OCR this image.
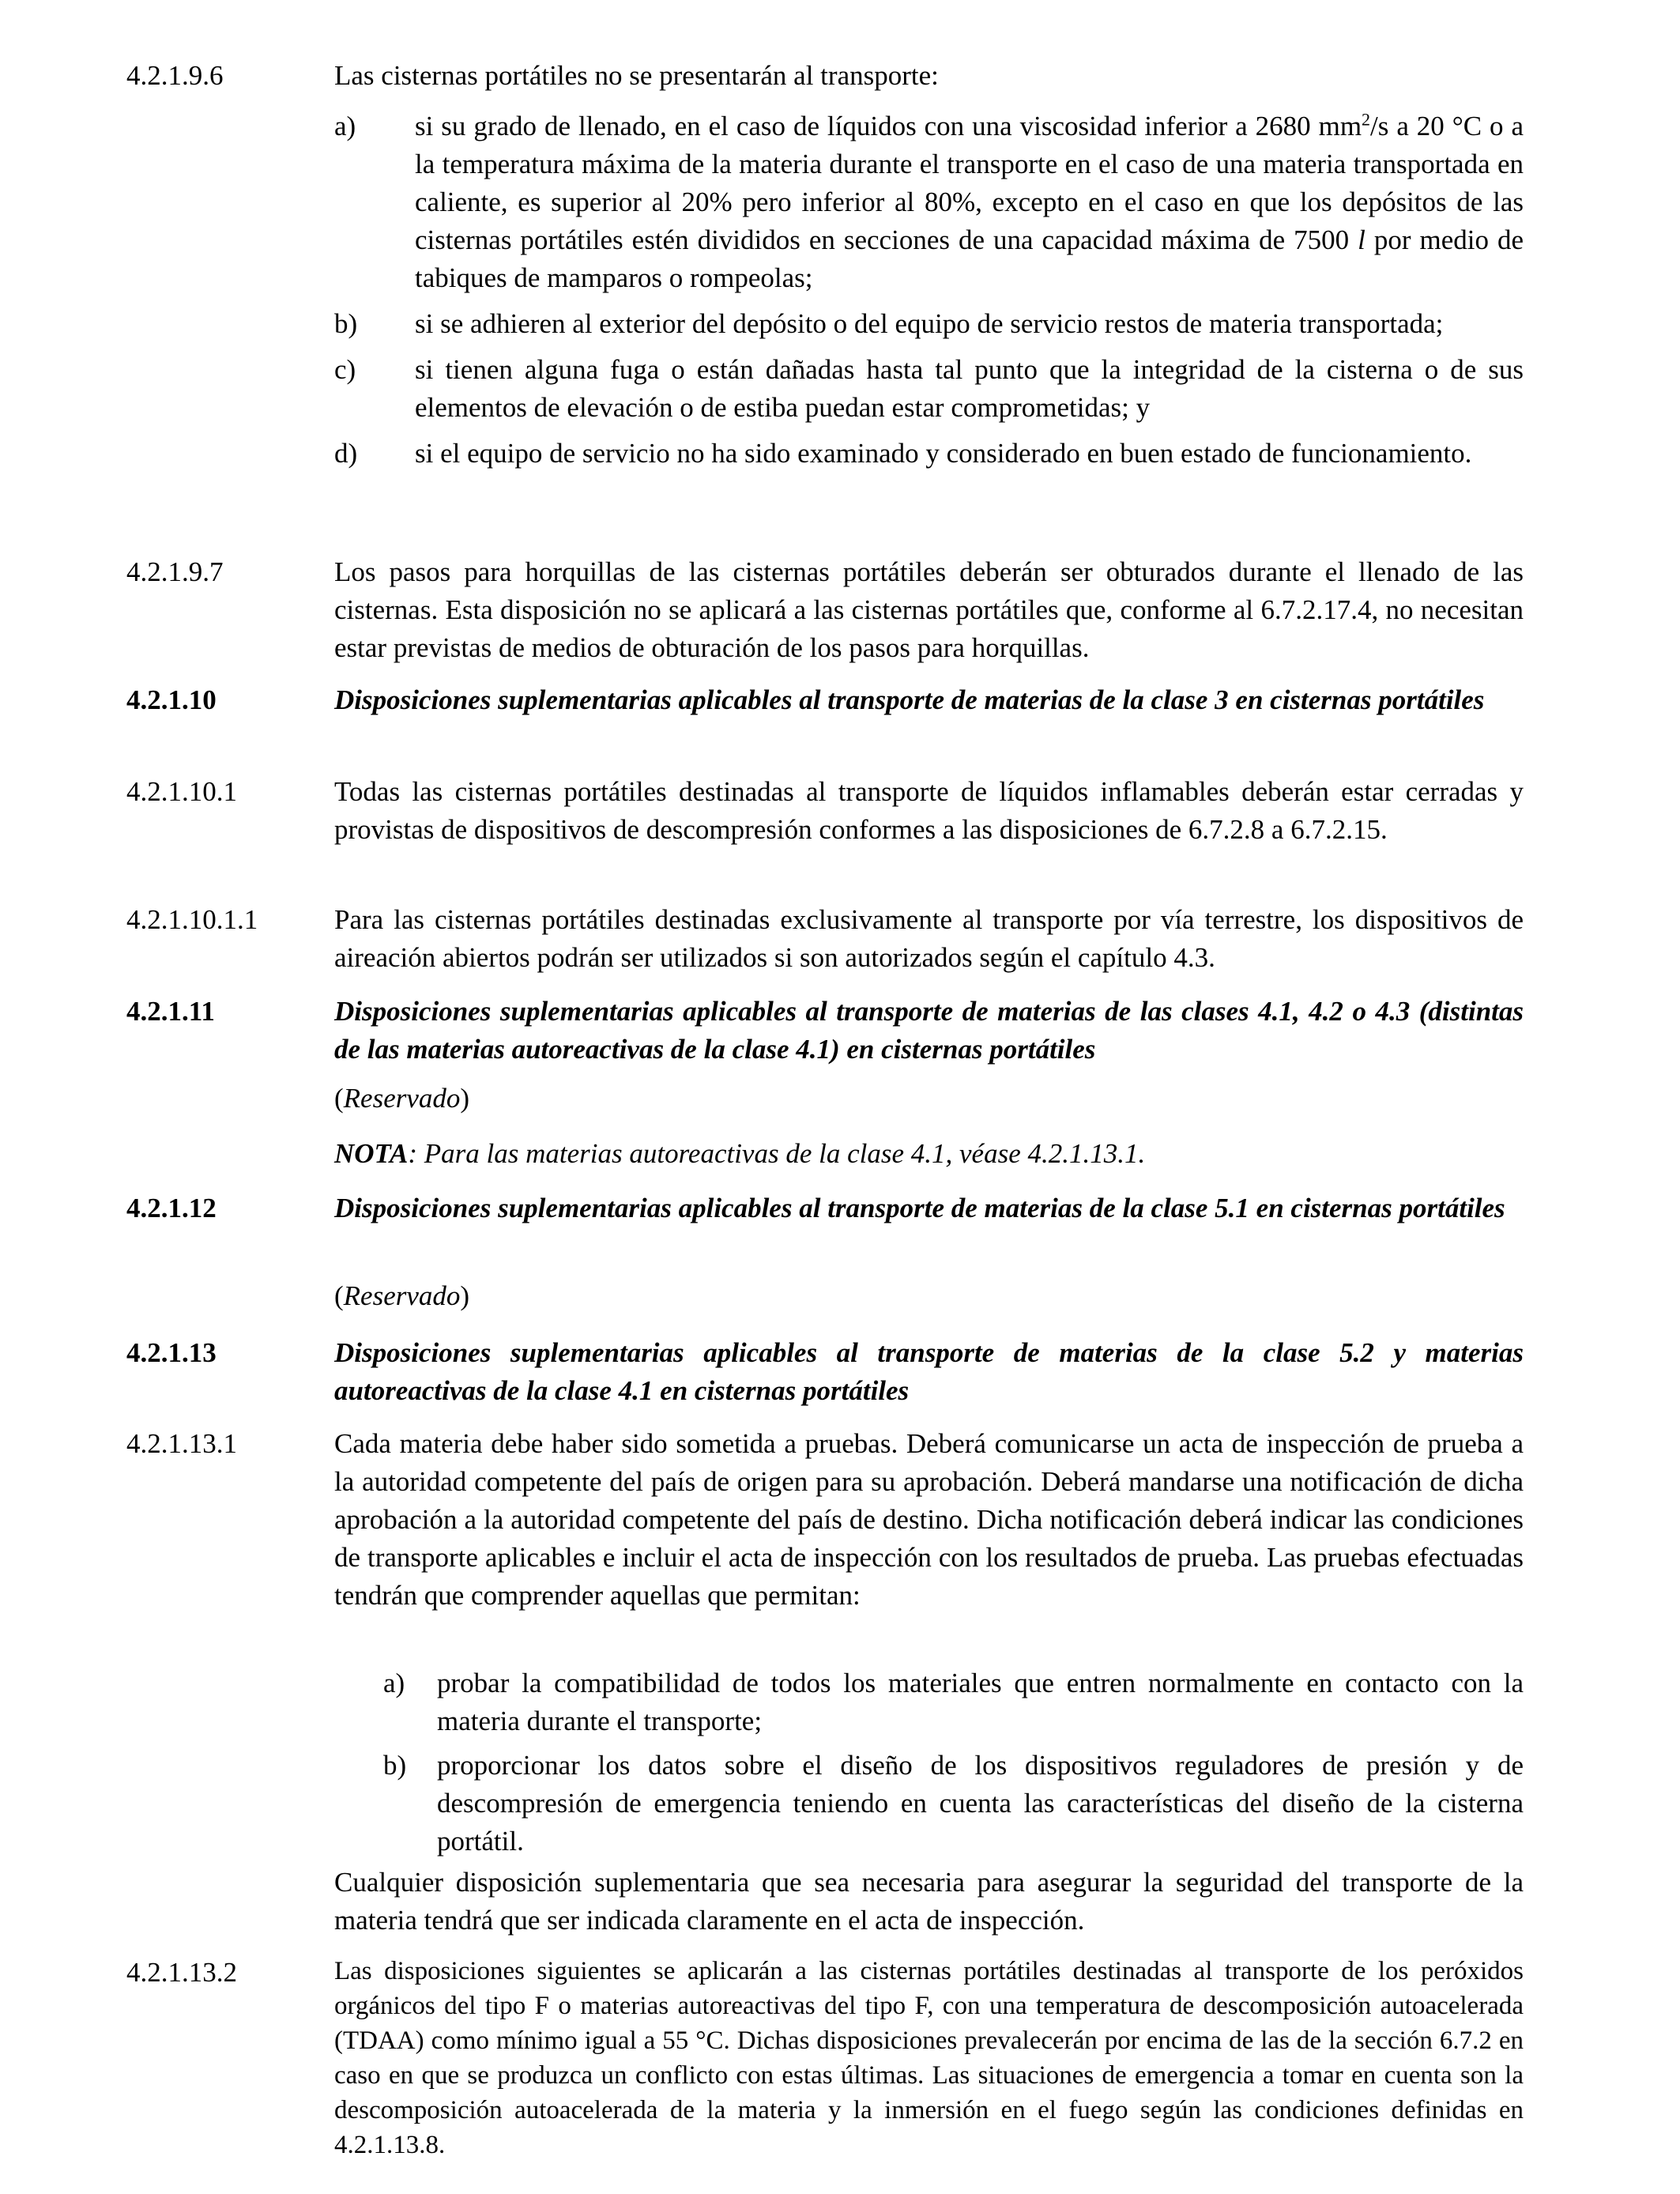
4.2.1.9.6	Las cisternas portátiles no se presentarán al transporte:
a) si su grado de llenado, en el caso de líquidos con una viscosidad inferior a 2680 $mm^2/s$ a 20 °C o a la temperatura máxima de la materia durante el transporte en el caso de una materia transportada en caliente, es superior al 20% pero inferior al 80%, excepto en el caso en que los depósitos de las cisternas portátiles estén divididos en secciones de una capacidad máxima de 7500 l por medio de tabiques de mamparos o rompeolas;
b) si se adhieren al exterior del depósito o del equipo de servicio restos de materia transportada;
c) si tienen alguna fuga o están dañadas hasta tal punto que la integridad de la cisterna o de sus elementos de elevación o de estiba puedan estar comprometidas; y
d) si el equipo de servicio no ha sido examinado y considerado en buen estado de funcionamiento.
4.2.1.9.7	Los pasos para horquillas de las cisternas portátiles deberán ser obturados durante el llenado de las cisternas. Esta disposición no se aplicará a las cisternas portátiles que, conforme al 6.7.2.17.4, no necesitan estar previstas de medios de obturación de los pasos para horquillas.
4.2.1.10	Disposiciones suplementarias aplicables al transporte de materias de la clase 3 en cisternas portátiles
4.2.1.10.1	Todas las cisternas portátiles destinadas al transporte de líquidos inflamables deberán estar cerradas y provistas de dispositivos de descompresión conformes a las disposiciones de 6.7.2.8 a 6.7.2.15.
4.2.1.10.1.1	Para las cisternas portátiles destinadas exclusivamente al transporte por vía terrestre, los dispositivos de aireación abiertos podrán ser utilizados si son autorizados según el capítulo 4.3.
4.2.1.11	Disposiciones suplementarias aplicables al transporte de materias de las clases 4.1, 4.2 o 4.3 (distintas de las materias autoreactivas de la clase 4.1) en cisternas portátiles
(Reservado)
NOTA: Para las materias autoreactivas de la clase 4.1, véase 4.2.1.13.1.
4.2.1.12	Disposiciones suplementarias aplicables al transporte de materias de la clase 5.1 en cisternas portátiles
(Reservado)
4.2.1.13	Disposiciones suplementarias aplicables al transporte de materias de la clase 5.2 y materias autoreactivas de la clase 4.1 en cisternas portátiles
4.2.1.13.1	Cada materia debe haber sido sometida a pruebas. Deberá comunicarse un acta de inspección de prueba a la autoridad competente del país de origen para su aprobación. Deberá mandarse una notificación de dicha aprobación a la autoridad competente del país de destino. Dicha notificación deberá indicar las condiciones de transporte aplicables e incluir el acta de inspección con los resultados de prueba. Las pruebas efectuadas tendrán que comprender aquellas que permitan:
a) probar la compatibilidad de todos los materiales que entren normalmente en contacto con la materia durante el transporte;
b) proporcionar los datos sobre el diseño de los dispositivos reguladores de presión y de descompresión de emergencia teniendo en cuenta las características del diseño de la cisterna portátil.
Cualquier disposición suplementaria que sea necesaria para asegurar la seguridad del transporte de la materia tendrá que ser indicada claramente en el acta de inspección.
4.2.1.13.2	Las disposiciones siguientes se aplicarán a las cisternas portátiles destinadas al transporte de los peróxidos orgánicos del tipo F o materias autoreactivas del tipo F, con una temperatura de descomposición autoacelerada (TDAA) como mínimo igual a 55 °C. Dichas disposiciones prevalecerán por encima de las de la sección 6.7.2 en caso en que se produzca un conflicto con estas últimas. Las situaciones de emergencia a tomar en cuenta son la descomposición autoacelerada de la materia y la inmersión en el fuego según las condiciones definidas en 4.2.1.13.8.
